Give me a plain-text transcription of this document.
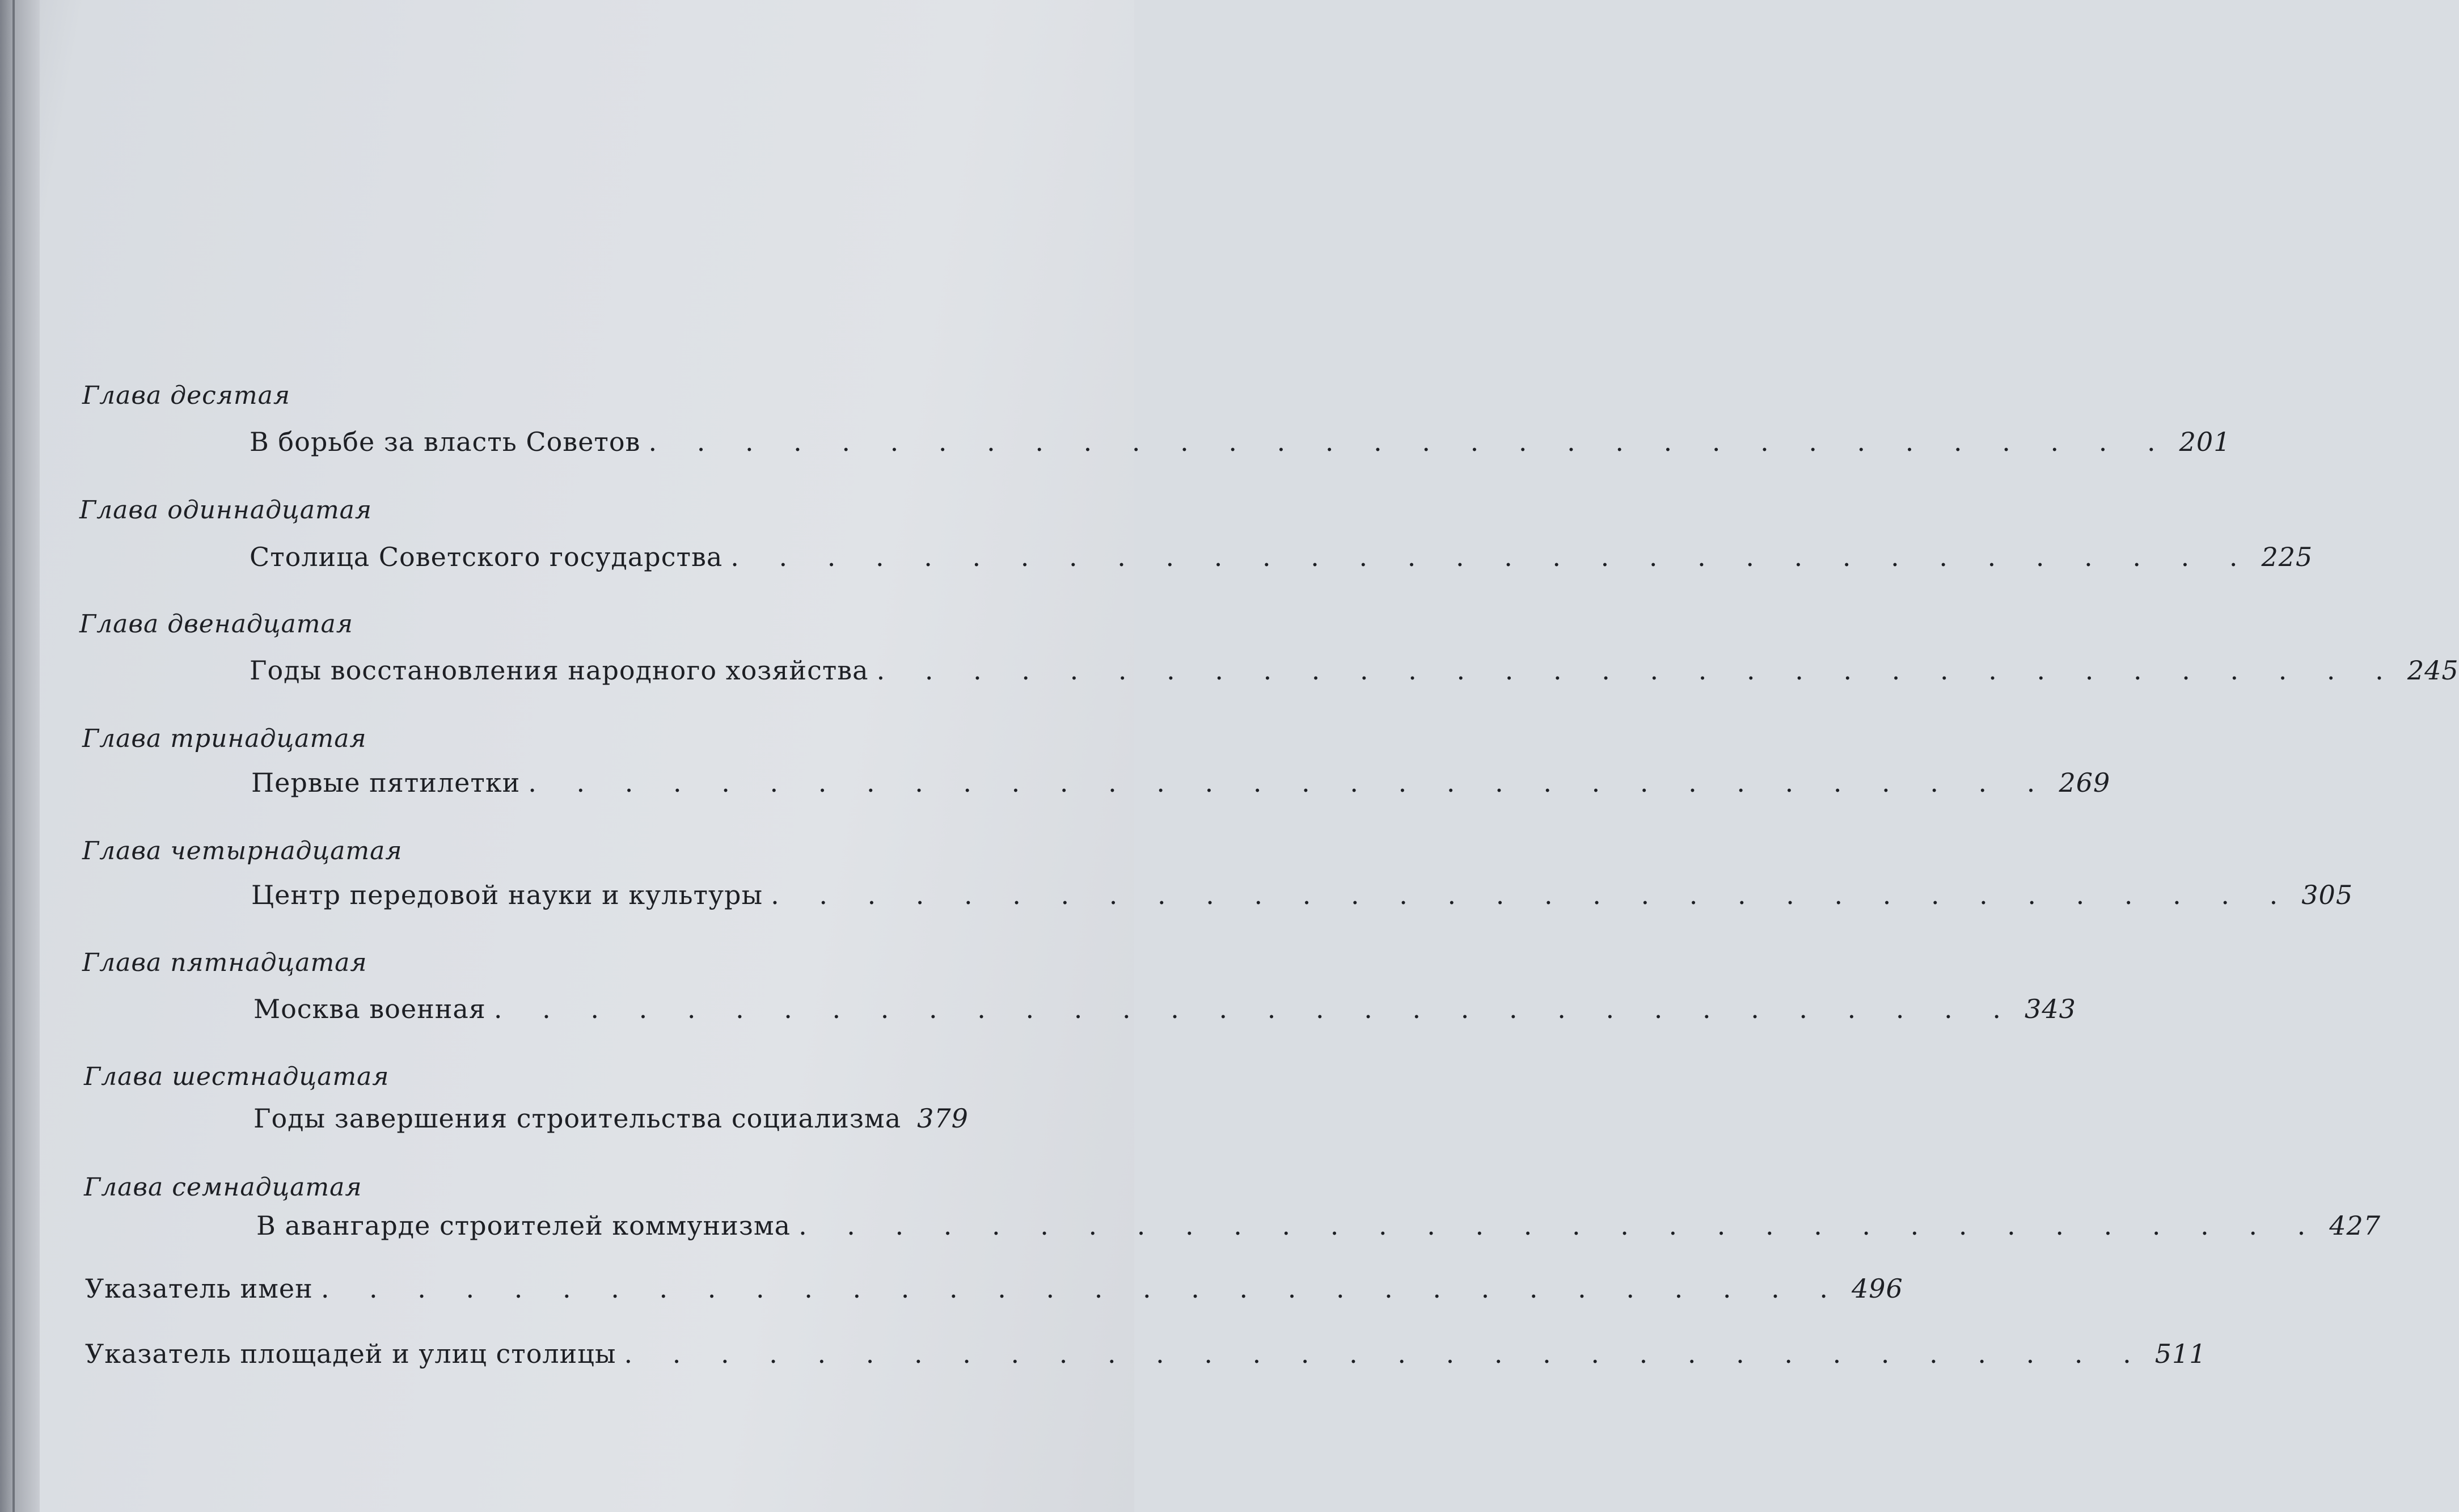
Глава десятая
В борьбе за власть Советов . . . . . . . . . . . . . . . . . . . . . . . . . . . . . . . . 201
Глава одиннадцатая
Столица Советского государства . . . . . . . . . . . . . . . . . . . . . . . . . . . . . . . . 225
Глава двенадцатая
Годы восстановления народного хозяйства . . . . . . . . . . . . . . . . . . . . . . . . . . . . . . . . 245
Глава тринадцатая
Первые пятилетки . . . . . . . . . . . . . . . . . . . . . . . . . . . . . . . . 269
Глава четырнадцатая
Центр передовой науки и культуры . . . . . . . . . . . . . . . . . . . . . . . . . . . . . . . . 305
Глава пятнадцатая
Москва военная . . . . . . . . . . . . . . . . . . . . . . . . . . . . . . . . 343
Глава шестнадцатая
Годы завершения строительства социализма 379
Глава семнадцатая
В авангарде строителей коммунизма . . . . . . . . . . . . . . . . . . . . . . . . . . . . . . . . 427
Указатель имен . . . . . . . . . . . . . . . . . . . . . . . . . . . . . . . . 496
Указатель площадей и улиц столицы . . . . . . . . . . . . . . . . . . . . . . . . . . . . . . . . 511
